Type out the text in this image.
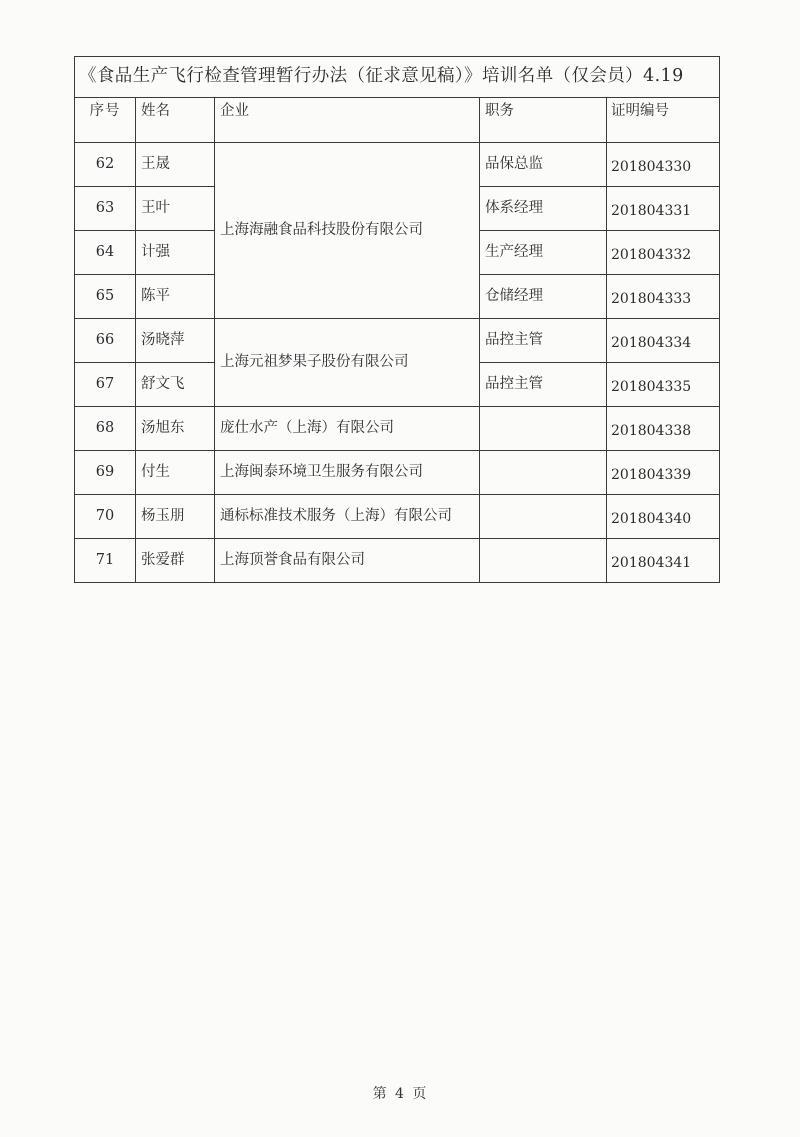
《食品生产飞行检查管理暂行办法（征求意见稿）》培训名单（仅会员）4.19				
序号	姓名	企业	职务	证明编号
62	王晟	上海海融食品科技股份有限公司	品保总监	201804330
63	王叶		体系经理	201804331
64	计强		生产经理	201804332
65	陈平		仓储经理	201804333
66	汤晓萍	上海元祖梦果子股份有限公司	品控主管	201804334
67	舒文飞		品控主管	201804335
68	汤旭东	庞仕水产（上海）有限公司		201804338
69	付生	上海闽泰环境卫生服务有限公司		201804339
70	杨玉朋	通标标准技术服务（上海）有限公司		201804340
71	张爱群	上海顶誉食品有限公司		201804341
第 4 页
